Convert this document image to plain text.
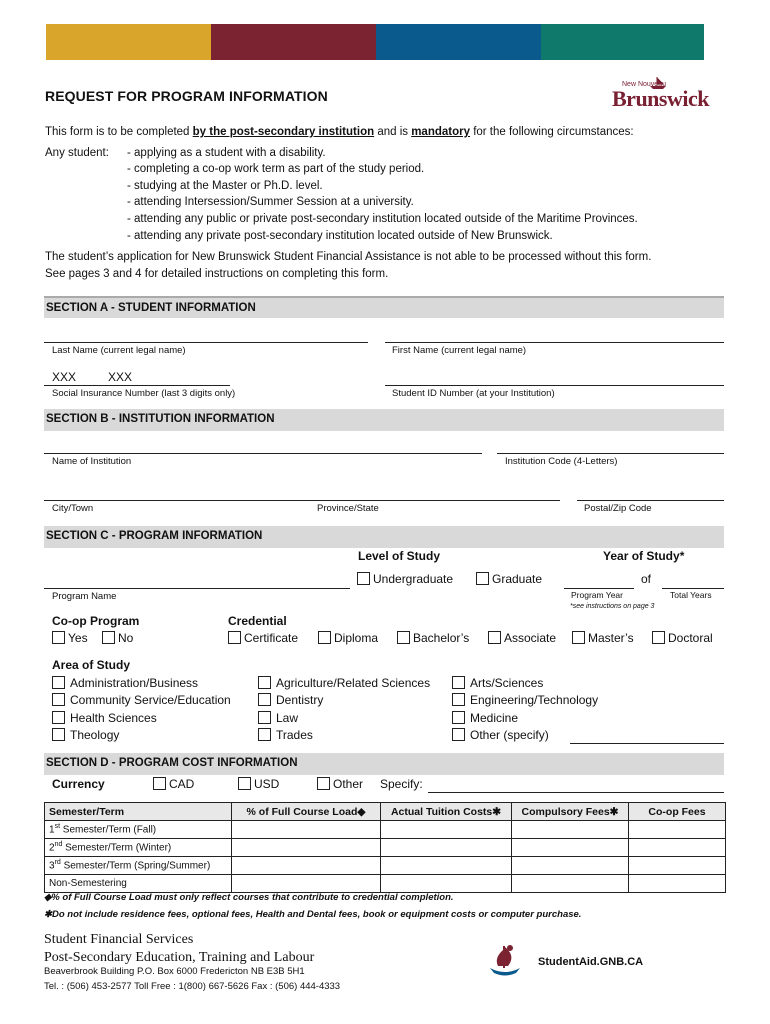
REQUEST FOR PROGRAM INFORMATION
New Nouveau
Brunswick
This form is to be completed by the post-secondary institution and is mandatory for the following circumstances:
Any student: - applying as a student with a disability.
- completing a co-op work term as part of the study period.
- studying at the Master or Ph.D. level.
- attending Intersession/Summer Session at a university.
- attending any public or private post-secondary institution located outside of the Maritime Provinces.
- attending any private post-secondary institution located outside of New Brunswick.
The student’s application for New Brunswick Student Financial Assistance is not able to be processed without this form.
See pages 3 and 4 for detailed instructions on completing this form.
SECTION A - STUDENT INFORMATION
Last Name (current legal name)	First Name (current legal name)
XXX	XXX
Social Insurance Number (last 3 digits only)	Student ID Number (at your Institution)
SECTION B - INSTITUTION INFORMATION
Name of Institution	Institution Code (4-Letters)
City/Town	Province/State	Postal/Zip Code
SECTION C - PROGRAM INFORMATION
Level of Study	Year of Study*
Undergraduate	Graduate
Program Name
of
Program Year	Total Years
*see instructions on page 3
Co-op Program
Yes	No
Credential
Certificate	Diploma	Bachelor’s	Associate	Master’s	Doctoral
Area of Study
Administration/Business
Community Service/Education
Health Sciences
Theology
Agriculture/Related Sciences
Dentistry
Law
Trades
Arts/Sciences
Engineering/Technology
Medicine
Other (specify)
SECTION D - PROGRAM COST INFORMATION
Currency	CAD	USD	Other Specify:
Semester/Term	% of Full Course Load◆	Actual Tuition Costs✱	Compulsory Fees✱	Co-op Fees
1st Semester/Term (Fall)				
2nd Semester/Term (Winter)				
3rd Semester/Term (Spring/Summer)				
Non-Semestering				
◆% of Full Course Load must only reflect courses that contribute to credential completion.
✱Do not include residence fees, optional fees, Health and Dental fees, book or equipment costs or computer purchase.
Student Financial Services
Post-Secondary Education, Training and Labour
Beaverbrook Building P.O. Box 6000 Fredericton NB E3B 5H1
Tel. : (506) 453-2577 Toll Free : 1(800) 667-5626 Fax : (506) 444-4333
StudentAid.GNB.CA
